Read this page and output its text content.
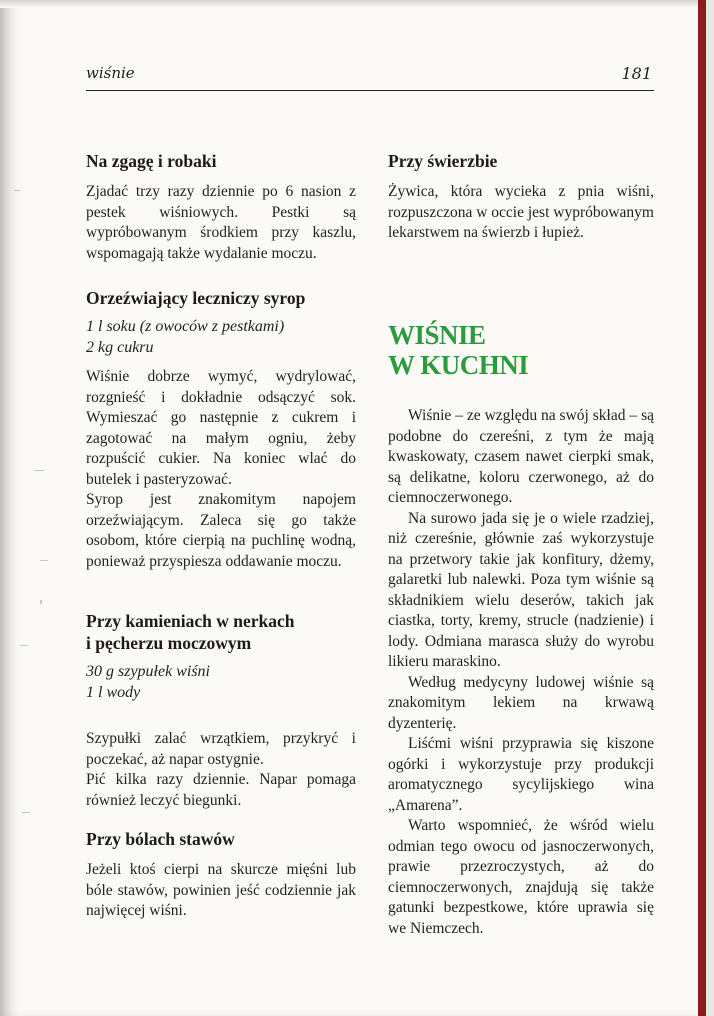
wiśnie	181
Na zgagę i robaki

Zjadać trzy razy dziennie po 6 nasion z pestek wiśniowych. Pestki są wypróbowanym środkiem przy kaszlu, wspomagają także wydalanie moczu.

Orzeźwiający leczniczy syrop

1 l soku (z owoców z pestkami)

2 kg cukru

Wiśnie dobrze wymyć, wydrylować, rozgnieść i dokładnie odsączyć sok. Wymieszać go następnie z cukrem i zagotować na małym ogniu, żeby rozpuścić cukier. Na koniec wlać do butelek i pasteryzować.

Syrop jest znakomitym napojem orzeźwiającym. Zaleca się go także osobom, które cierpią na puchlinę wodną, ponieważ przyspiesza oddawanie moczu.

Przy kamieniach w nerkach
i pęcherzu moczowym

30 g szypułek wiśni

1 l wody

Szypułki zalać wrzątkiem, przykryć i poczekać, aż napar ostygnie.

Pić kilka razy dziennie. Napar pomaga również leczyć biegunki.

Przy bólach stawów

Jeżeli ktoś cierpi na skurcze mięśni lub bóle stawów, powinien jeść codziennie jak najwięcej wiśni.

Przy świerzbie

Żywica, która wycieka z pnia wiśni, rozpuszczona w occie jest wypróbowanym lekarstwem na świerzb i łupież.

WIŚNIE
W KUCHNI

Wiśnie – ze względu na swój skład – są podobne do czereśni, z tym że mają kwaskowaty, czasem nawet cierpki smak, są delikatne, koloru czerwonego, aż do ciemnoczerwonego.

Na surowo jada się je o wiele rzadziej, niż czereśnie, głównie zaś wykorzystuje na przetwory takie jak konfitury, dżemy, galaretki lub nalewki. Poza tym wiśnie są składnikiem wielu deserów, takich jak ciastka, torty, kremy, strucle (nadzienie) i lody. Odmiana marasca służy do wyrobu likieru maraskino.

Według medycyny ludowej wiśnie są znakomitym lekiem na krwawą dyzenterię.

Liśćmi wiśni przyprawia się kiszone ogórki i wykorzystuje przy produkcji aromatycznego sycylijskiego wina „Amarena”.

Warto wspomnieć, że wśród wielu odmian tego owocu od jasnoczerwonych, prawie przezroczystych, aż do ciemnoczerwonych, znajdują się także gatunki bezpestkowe, które uprawia się we Niemczech.
